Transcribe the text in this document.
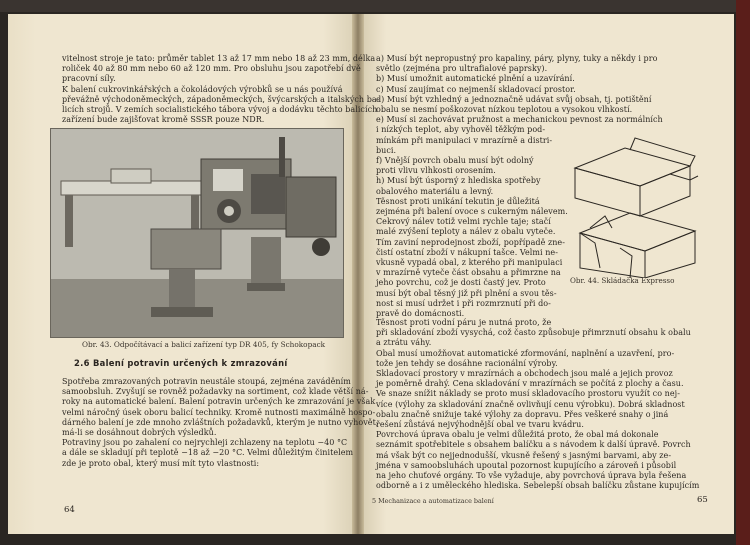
vitelnost stroje je tato: průměr tablet 13 až 17 mm nebo 18 až 23 mm, délka

roliček 40 až 80 mm nebo 60 až 120 mm. Pro obsluhu jsou zapotřebí dvě

pracovní síly.

K balení cukrovinkářských a čokoládových výrobků se u nás používá

převážně východoněmeckých, západoněmeckých, švýcarských a italských ba-

licích strojů. V zemích socialistického tábora vývoj a dodávku těchto balicích

zařízení bude zajišťovat kromě SSSR pouze NDR.

Obr. 43. Odpočítávací a balicí zařízení typ DR 405, fy Schokopack
2.6 Balení potravin určených k zmrazování

Spotřeba zmrazovaných potravin neustále stoupá, zejména zaváděním

samoobsluh. Zvyšují se rovněž požadavky na sortiment, což klade větší ná-

roky na automatické balení. Balení potravin určených ke zmrazování je však

velmi náročný úsek oboru balicí techniky. Kromě nutnosti maximálně hospo-

dárného balení je zde mnoho zvláštních požadavků, kterým je nutno vyhovět,

má-li se dosáhnout dobrých výsledků.

Potraviny jsou po zahalení co nejrychleji zchlazeny na teplotu −40 °C

a dále se skladují při teplotě −18 až −20 °C. Velmi důležitým činitelem

zde je proto obal, který musí mít tyto vlastnosti:

64

a) Musí být nepropustný pro kapaliny, páry, plyny, tuky a někdy i pro

světlo (zejména pro ultrafialové paprsky).

b) Musí umožnit automatické plnění a uzavírání.

c) Musí zaujímat co nejmenší skladovací prostor.

d) Musí být vzhledný a jednoznačně udávat svůj obsah, tj. potištění

obalu se nesmí poškozovat nízkou teplotou a vysokou vlhkostí.

e) Musí si zachovávat pružnost a mechanickou pevnost za normálních

i nízkých teplot, aby vyhověl těžkým pod-

mínkám při manipulaci v mrazírně a distri-

buci.

f) Vnější povrch obalu musí být odolný

proti vlivu vlhkosti orosením.

h) Musí být úsporný z hlediska spotřeby

obalového materiálu a levný.

Těsnost proti unikání tekutin je důležitá

zejména při balení ovoce s cukerným nálevem.

Cekrový nálev totiž velmi rychle taje; stačí

malé zvýšení teploty a nálev z obalu vyteče.

Tím zaviní neprodejnost zboží, popřípadě zne-

čistí ostatní zboží v nákupní tašce. Velmi ne-

vkusně vypadá obal, z kterého při manipulaci

v mrazírně vyteče část obsahu a přimrzne na

jeho povrchu, což je dosti častý jev. Proto

musí být obal těsný již při plnění a svou těs-

nost si musí udržet i při rozmrznutí při do-

pravě do domácnosti.

Obr. 44. Skládačka Expresso

Těsnost proti vodní páru je nutná proto, že

při skladování zboží vysychá, což často způsobuje přimrznutí obsahu k obalu

a ztrátu váhy.

Obal musí umožňovat automatické zformování, naplnění a uzavření, pro-

tože jen tehdy se dosáhne racionální výroby.

Skladovací prostory v mrazírnách a obchodech jsou malé a jejich provoz

je poměrně drahý. Cena skladování v mrazírnách se počítá z plochy a času.

Ve snaze snížit náklady se proto musí skladovacího prostoru využít co nej-

více (výlohy za skladování značně ovlivňují cenu výrobku). Dobrá skladnost

obalu značně snižuje také výlohy za dopravu. Přes veškeré snahy o jiná

řešení zůstává nejvýhodnější obal ve tvaru kvádru.

Povrchová úprava obalu je velmi důležitá proto, že obal má dokonale

seznámit spotřebitele s obsahem balíčku a s návodem k další úpravě. Povrch

má však být co nejjednodušší, vkusně řešený s jasnými barvami, aby ze-

jména v samoobsluhách upoutal pozornost kupujícího a zároveň i působil

na jeho chuťové orgány. To vše vyžaduje, aby povrchová úprava byla řešena

odborně a i z uměleckého hlediska. Sebelepší obsah balíčku zůstane kupujícím

5 Mechanizace a automatizace balení	65
